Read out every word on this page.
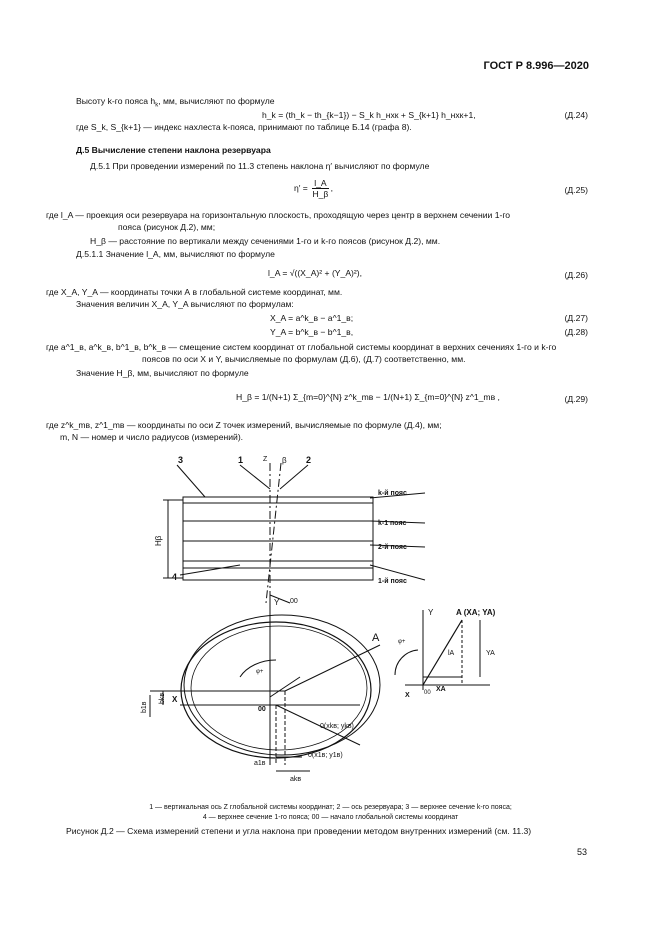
ГОСТ Р 8.996—2020
Высоту k-го пояса $h_k$, мм, вычисляют по формуле
h_k = (th_k − th_{k−1}) − S_k h_нхк + S_{k+1} h_нхк+1,	(Д.24)
где S_k, S_{k+1} — индекс нахлеста k-пояса, принимают по таблице Б.14 (графа 8).
Д.5 Вычисление степени наклона резервуара
Д.5.1 При проведении измерений по 11.3 степень наклона η′ вычисляют по формуле
$\eta' = \frac{l\_A}{H\_\beta}$ ,	(Д.25)
где l_A — проекция оси резервуара на горизонтальную плоскость, проходящую через центр в верхнем сечении 1-го
пояса (рисунок Д.2), мм;
H_β — расстояние по вертикали между сечениями 1-го и k-го поясов (рисунок Д.2), мм.
Д.5.1.1 Значение l_A, мм, вычисляют по формуле
l_A = √((X_A)² + (Y_A)²),	(Д.26)
где X_A, Y_A — координаты точки А в глобальной системе координат, мм.
Значения величин X_A, Y_A вычисляют по формулам:
X_A = a^k_в − a^1_в;	(Д.27)
Y_A = b^k_в − b^1_в,	(Д.28)
где a^1_в, a^k_в, b^1_в, b^k_в — смещение систем координат от глобальной системы координат в верхних сечениях 1-го и k-го
поясов по оси X и Y, вычисляемые по формулам (Д.6), (Д.7) соответственно, мм.
Значение H_β, мм, вычисляют по формуле
H_β = 1/(N+1) Σ_{m=0}^{N} z^k_mв − 1/(N+1) Σ_{m=0}^{N} z^1_mв ,	(Д.29)
где z^k_mв, z^1_mв — координаты по оси Z точек измерений, вычисляемые по формуле (Д.4), мм;
m, N — номер и число радиусов (измерений).
3	1	Z β 2
k-й пояс
k-1 пояс
2-й пояс
1-й пояс
Hβ
4
00
Y
X
A
φ+
00
0(xkв; ykв)
0(x1в; y1в)
b1в
bkв
a1в
akв
Y
X
A (XA; YA)
lA	YA
XA
00
φ+
1 — вертикальная ось Z глобальной системы координат; 2 — ось резервуара; 3 — верхнее сечение k-го пояса;
4 — верхнее сечение 1-го пояса; 00 — начало глобальной системы координат
Рисунок Д.2 — Схема измерений степени и угла наклона при проведении методом внутренних измерений (см. 11.3)
53
